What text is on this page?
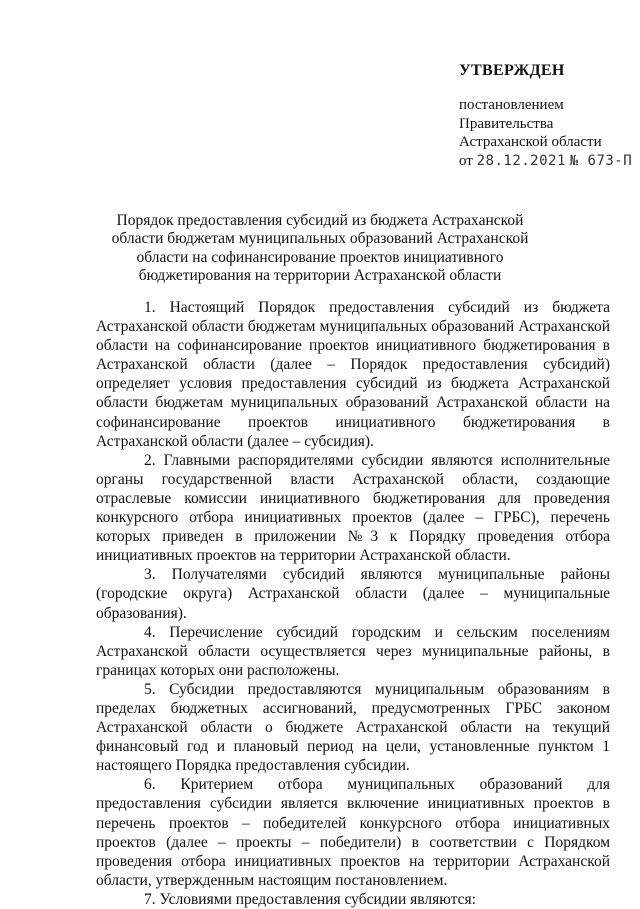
УТВЕРЖДЕН
постановлением
Правительства
Астраханской области
от 28.12.2021 № 673-П
Порядок предоставления субсидий из бюджета Астраханской области бюджетам муниципальных образований Астраханской области на софинансирование проектов инициативного бюджетирования на территории Астраханской области

1. Настоящий Порядок предоставления субсидий из бюджета Астраханской области бюджетам муниципальных образований Астраханской области на софинансирование проектов инициативного бюджетирования в Астраханской области (далее – Порядок предоставления субсидий) определяет условия предоставления субсидий из бюджета Астраханской области бюджетам муниципальных образований Астраханской области на софинансирование проектов инициативного бюджетирования в Астраханской области (далее – субсидия).

2. Главными распорядителями субсидии являются исполнительные органы государственной власти Астраханской области, создающие отраслевые комиссии инициативного бюджетирования для проведения конкурсного отбора инициативных проектов (далее – ГРБС), перечень которых приведен в приложении №3 к Порядку проведения отбора инициативных проектов на территории Астраханской области.

3. Получателями субсидий являются муниципальные районы (городские округа) Астраханской области (далее – муниципальные образования).

4. Перечисление субсидий городским и сельским поселениям Астраханской области осуществляется через муниципальные районы, в границах которых они расположены.

5. Субсидии предоставляются муниципальным образованиям в пределах бюджетных ассигнований, предусмотренных ГРБС законом Астраханской области о бюджете Астраханской области на текущий финансовый год и плановый период на цели, установленные пунктом 1 настоящего Порядка предоставления субсидии.

6. Критерием отбора муниципальных образований для предоставления субсидии является включение инициативных проектов в перечень проектов – победителей конкурсного отбора инициативных проектов (далее – проекты – победители) в соответствии с Порядком проведения отбора инициативных проектов на территории Астраханской области, утвержденным настоящим постановлением.

7. Условиями предоставления субсидии являются:
